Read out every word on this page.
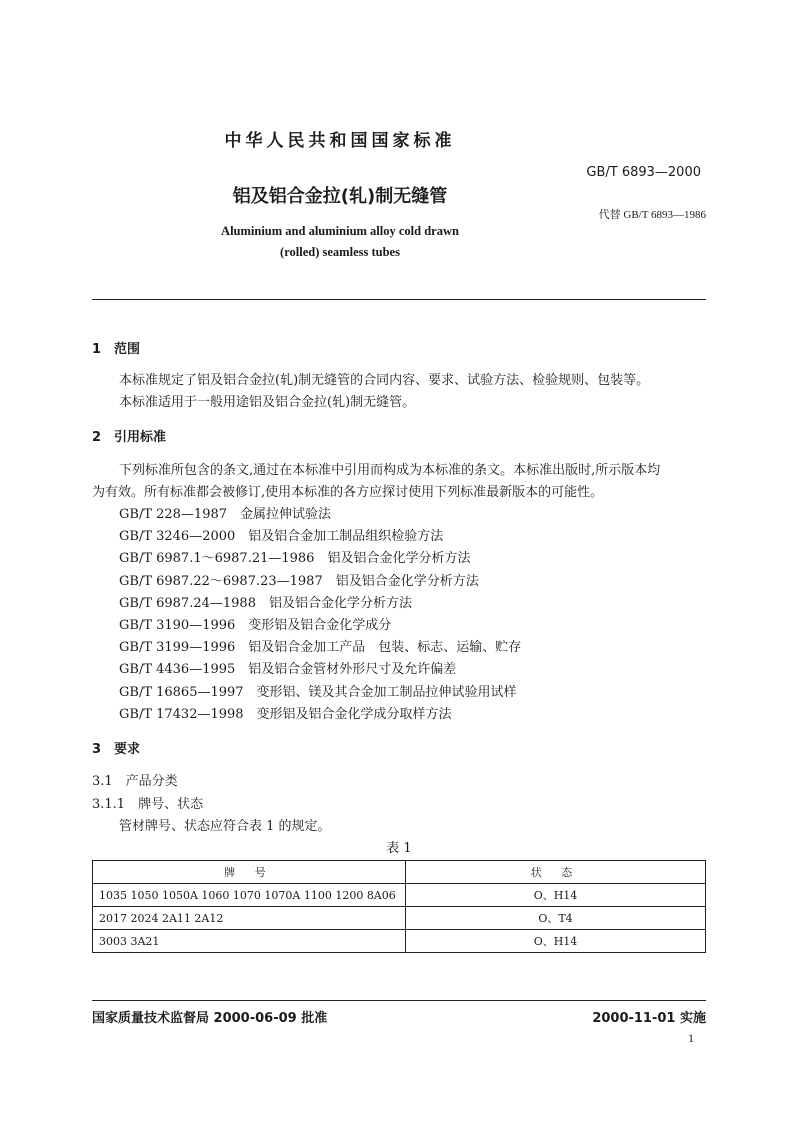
中华人民共和国国家标准
GB/T 6893—2000
铝及铝合金拉(轧)制无缝管
代替 GB/T 6893—1986
Aluminium and aluminium alloy cold drawn
(rolled) seamless tubes
1　范围
本标准规定了铝及铝合金拉(轧)制无缝管的合同内容、要求、试验方法、检验规则、包装等。
本标准适用于一般用途铝及铝合金拉(轧)制无缝管。
2　引用标准
下列标准所包含的条文,通过在本标准中引用而构成为本标准的条文。本标准出版时,所示版本均
为有效。所有标准都会被修订,使用本标准的各方应探讨使用下列标准最新版本的可能性。
GB/T 228—1987　金属拉伸试验法
GB/T 3246—2000　铝及铝合金加工制品组织检验方法
GB/T 6987.1～6987.21—1986　铝及铝合金化学分析方法
GB/T 6987.22～6987.23—1987　铝及铝合金化学分析方法
GB/T 6987.24—1988　铝及铝合金化学分析方法
GB/T 3190—1996　变形铝及铝合金化学成分
GB/T 3199—1996　铝及铝合金加工产品　包装、标志、运输、贮存
GB/T 4436—1995　铝及铝合金管材外形尺寸及允许偏差
GB/T 16865—1997　变形铝、镁及其合金加工制品拉伸试验用试样
GB/T 17432—1998　变形铝及铝合金化学成分取样方法
3　要求
3.1　产品分类
3.1.1　牌号、状态
管材牌号、状态应符合表 1 的规定。
表 1
牌 号	状 态
1035 1050 1050A 1060 1070 1070A 1100 1200 8A06	O、H14
2017 2024 2A11 2A12	O、T4
3003 3A21	O、H14
国家质量技术监督局 2000-06-09 批准	2000-11-01 实施
1
